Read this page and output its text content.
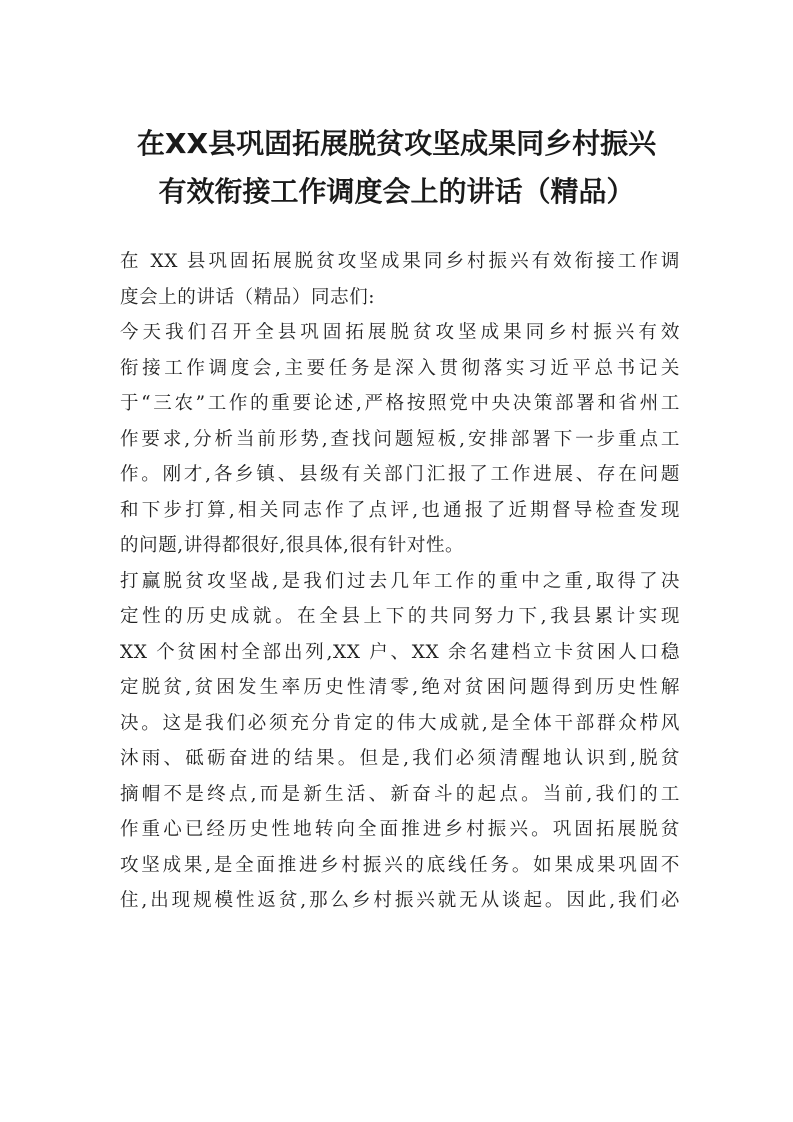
在XX县巩固拓展脱贫攻坚成果同乡村振兴
有效衔接工作调度会上的讲话（精品）

在 XX 县巩固拓展脱贫攻坚成果同乡村振兴有效衔接工作调
度会上的讲话（精品）同志们:

今天我们召开全县巩固拓展脱贫攻坚成果同乡村振兴有效
衔接工作调度会,主要任务是深入贯彻落实习近平总书记关
于“三农”工作的重要论述,严格按照党中央决策部署和省州工
作要求,分析当前形势,查找问题短板,安排部署下一步重点工
作。刚才,各乡镇、县级有关部门汇报了工作进展、存在问题
和下步打算,相关同志作了点评,也通报了近期督导检查发现
的问题,讲得都很好,很具体,很有针对性。

打赢脱贫攻坚战,是我们过去几年工作的重中之重,取得了决
定性的历史成就。在全县上下的共同努力下,我县累计实现
XX 个贫困村全部出列,XX 户、XX 余名建档立卡贫困人口稳
定脱贫,贫困发生率历史性清零,绝对贫困问题得到历史性解
决。这是我们必须充分肯定的伟大成就,是全体干部群众栉风
沐雨、砥砺奋进的结果。但是,我们必须清醒地认识到,脱贫
摘帽不是终点,而是新生活、新奋斗的起点。当前,我们的工
作重心已经历史性地转向全面推进乡村振兴。巩固拓展脱贫
攻坚成果,是全面推进乡村振兴的底线任务。如果成果巩固不
住,出现规模性返贫,那么乡村振兴就无从谈起。因此,我们必
